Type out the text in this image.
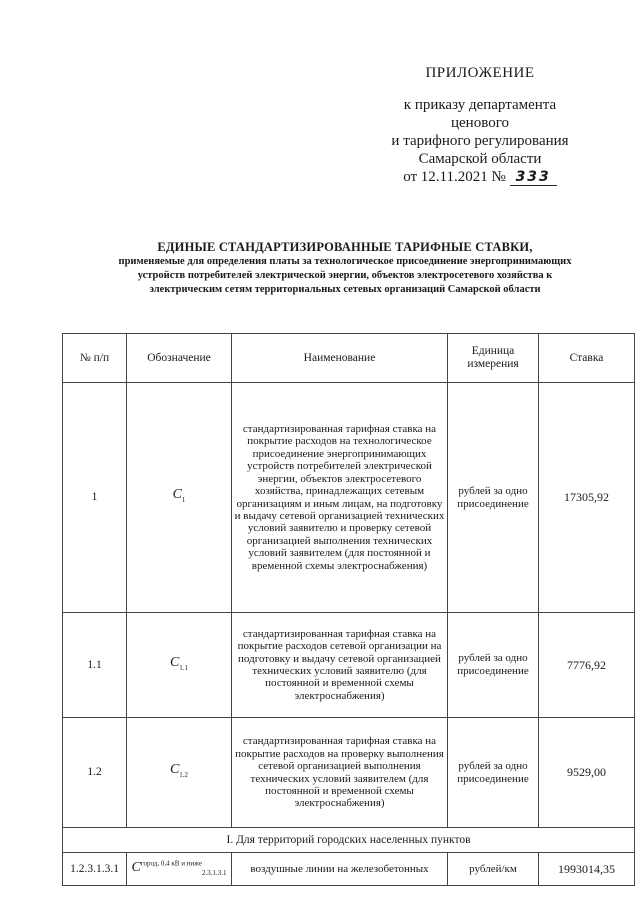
ПРИЛОЖЕНИЕ
к приказу департамента ценового
и тарифного регулирования
Самарской области
от 12.11.2021 № 333
ЕДИНЫЕ СТАНДАРТИЗИРОВАННЫЕ ТАРИФНЫЕ СТАВКИ,
применяемые для определения платы за технологическое присоединение энергопринимающих устройств потребителей электрической энергии, объектов электросетевого хозяйства к электрическим сетям территориальных сетевых организаций Самарской области
№ п/п	Обозначение	Наименование	Единица измерения	Ставка
1	$C_1$	стандартизированная тарифная ставка на покрытие расходов на технологическое присоединение энергопринимающих устройств потребителей электрической энергии, объектов электросетевого хозяйства, принадлежащих сетевым организациям и иным лицам, на подготовку и выдачу сетевой организацией технических условий заявителю и проверку сетевой организацией выполнения технических условий заявителем (для постоянной и временной схемы электроснабжения)	рублей за одно присоединение	17305,92
1.1	$C_{1.1}$	стандартизированная тарифная ставка на покрытие расходов сетевой организации на подготовку и выдачу сетевой организацией технических условий заявителю (для постоянной и временной схемы электроснабжения)	рублей за одно присоединение	7776,92
1.2	$C_{1.2}$	стандартизированная тарифная ставка на покрытие расходов на проверку выполнения сетевой организацией выполнения технических условий заявителем (для постоянной и временной схемы электроснабжения)	рублей за одно присоединение	9529,00
I. Для территорий городских населенных пунктов				
1.2.3.1.3.1	$C^{город, 0,4 кВ и ниже}_{2.3.1.3.1}$	воздушные линии на железобетонных	рублей/км	1993014,35
